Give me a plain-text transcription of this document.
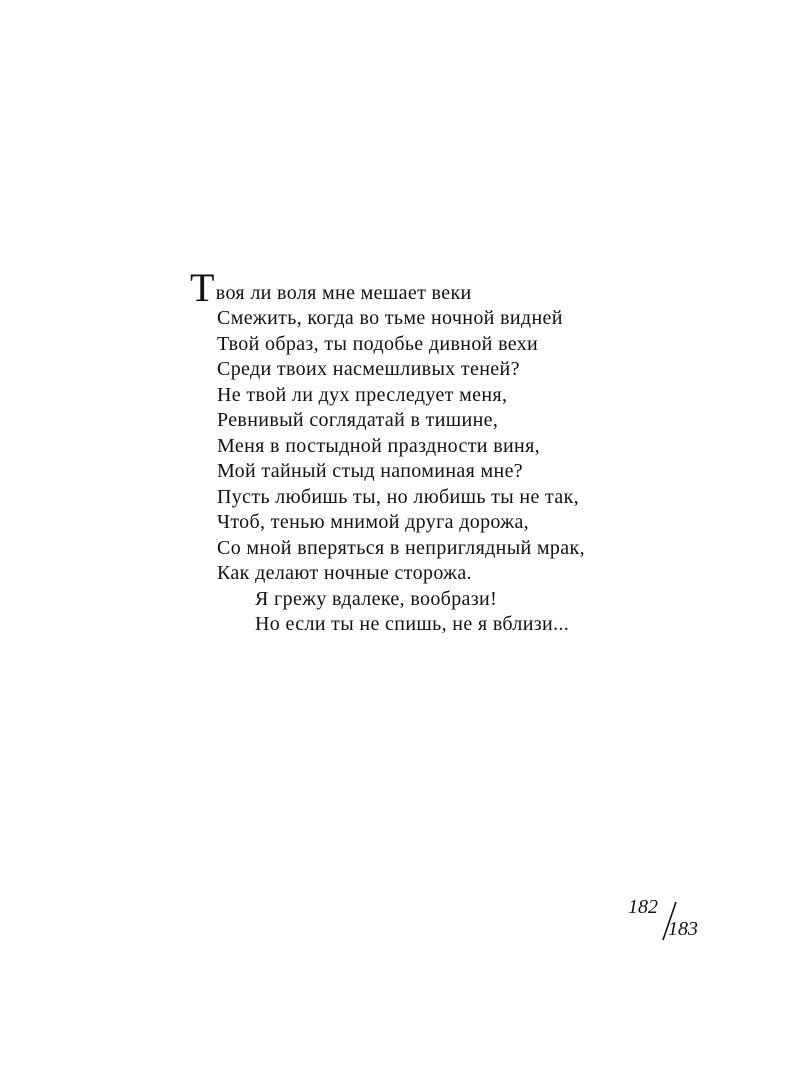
Т воя ли воля мне мешает веки
Смежить, когда во тьме ночной видней
Твой образ, ты подобье дивной вехи
Среди твоих насмешливых теней?
Не твой ли дух преследует меня,
Ревнивый соглядатай в тишине,
Меня в постыдной праздности виня,
Мой тайный стыд напоминая мне?
Пусть любишь ты, но любишь ты не так,
Чтоб, тенью мнимой друга дорожа,
Со мной вперяться в неприглядный мрак,
Как делают ночные сторожа.
Я грежу вдалеке, вообрази!
Но если ты не спишь, не я вблизи...
182
183
